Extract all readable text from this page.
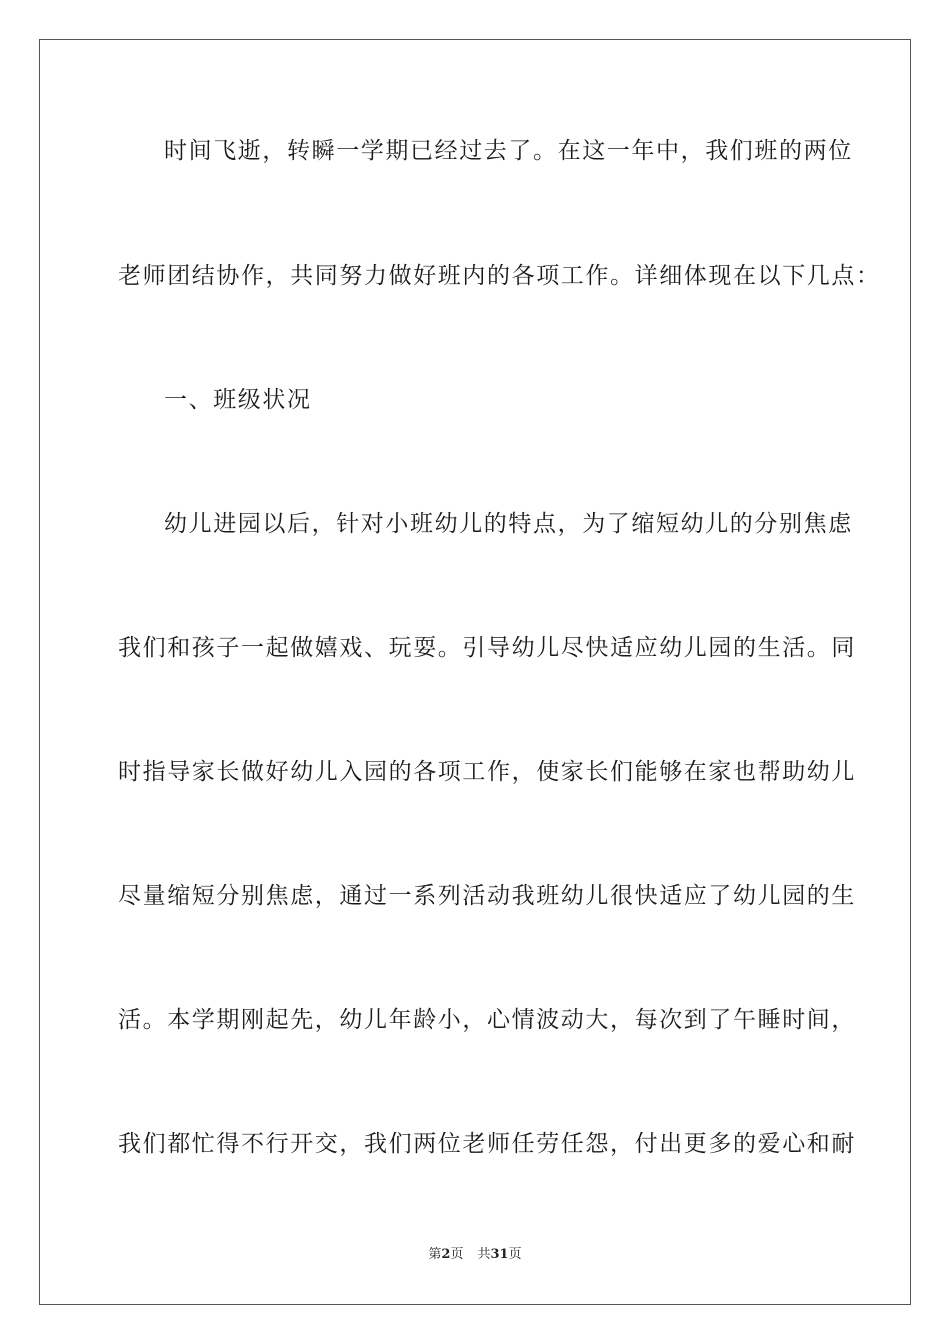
时间飞逝，转瞬一学期已经过去了。在这一年中，我们班的两位
老师团结协作，共同努力做好班内的各项工作。详细体现在以下几点：
一、班级状况
幼儿进园以后，针对小班幼儿的特点，为了缩短幼儿的分别焦虑
我们和孩子一起做嬉戏、玩耍。引导幼儿尽快适应幼儿园的生活。同
时指导家长做好幼儿入园的各项工作，使家长们能够在家也帮助幼儿
尽量缩短分别焦虑，通过一系列活动我班幼儿很快适应了幼儿园的生
活。本学期刚起先，幼儿年龄小，心情波动大，每次到了午睡时间，
我们都忙得不行开交，我们两位老师任劳任怨，付出更多的爱心和耐
第2页 共31页
